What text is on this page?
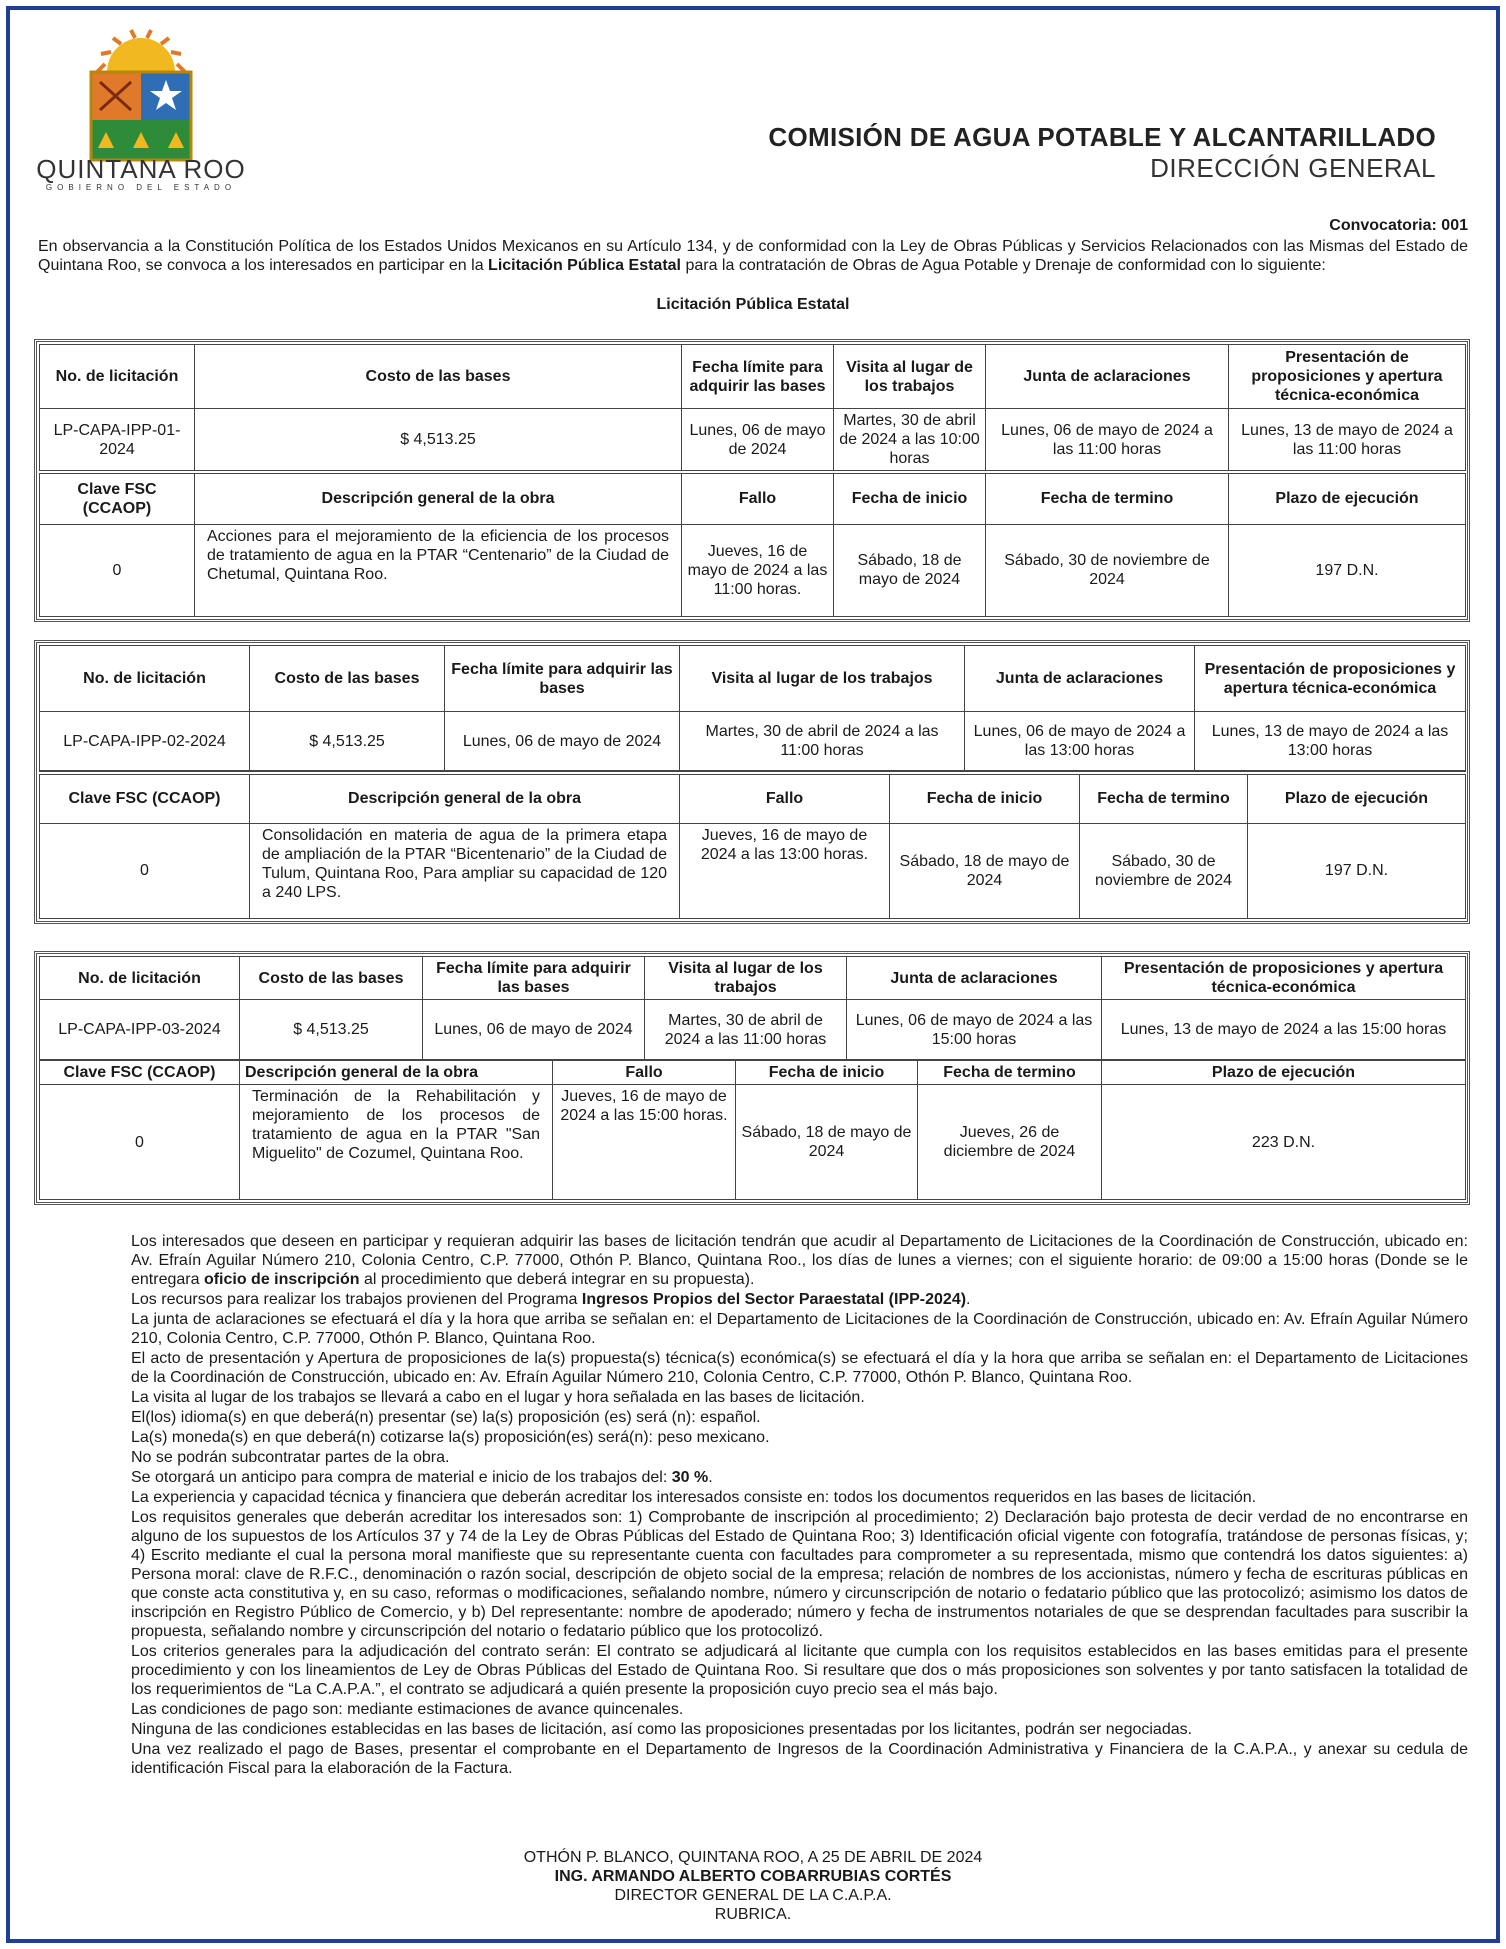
QUINTANA ROO
GOBIERNO DEL ESTADO
COMISIÓN DE AGUA POTABLE Y ALCANTARILLADO
DIRECCIÓN GENERAL
Convocatoria: 001

En observancia a la Constitución Política de los Estados Unidos Mexicanos en su Artículo 134, y de conformidad con la Ley de Obras Públicas y Servicios Relacionados con las Mismas del Estado de Quintana Roo, se convoca a los interesados en participar en la Licitación Pública Estatal para la contratación de Obras de Agua Potable y Drenaje de conformidad con lo siguiente:

Licitación Pública Estatal
No. de licitación	Costo de las bases	Fecha límite para adquirir las bases	Visita al lugar de los trabajos	Junta de aclaraciones	Presentación de proposiciones y apertura técnica-económica
LP-CAPA-IPP-01-2024	$ 4,513.25	Lunes, 06 de mayo de 2024	Martes, 30 de abril de 2024 a las 10:00 horas	Lunes, 06 de mayo de 2024 a las 11:00 horas	Lunes, 13 de mayo de 2024 a las 11:00 horas
Clave FSC (CCAOP)	Descripción general de la obra	Fallo	Fecha de inicio	Fecha de termino	Plazo de ejecución
0	Acciones para el mejoramiento de la eficiencia de los procesos de tratamiento de agua en la PTAR “Centenario” de la Ciudad de Chetumal, Quintana Roo.	Jueves, 16 de mayo de 2024 a las 11:00 horas.	Sábado, 18 de mayo de 2024	Sábado, 30 de noviembre de 2024	197 D.N.
No. de licitación	Costo de las bases	Fecha límite para adquirir las bases	Visita al lugar de los trabajos	Junta de aclaraciones	Presentación de proposiciones y apertura técnica-económica
LP-CAPA-IPP-02-2024	$ 4,513.25	Lunes, 06 de mayo de 2024	Martes, 30 de abril de 2024 a las 11:00 horas	Lunes, 06 de mayo de 2024 a las 13:00 horas	Lunes, 13 de mayo de 2024 a las 13:00 horas
Clave FSC (CCAOP)	Descripción general de la obra	Fallo	Fecha de inicio	Fecha de termino	Plazo de ejecución
0	Consolidación en materia de agua de la primera etapa de ampliación de la PTAR “Bicentenario” de la Ciudad de Tulum, Quintana Roo, Para ampliar su capacidad de 120 a 240 LPS.	Jueves, 16 de mayo de 2024 a las 13:00 horas.	Sábado, 18 de mayo de 2024	Sábado, 30 de noviembre de 2024	197 D.N.
No. de licitación	Costo de las bases	Fecha límite para adquirir las bases	Visita al lugar de los trabajos	Junta de aclaraciones	Presentación de proposiciones y apertura técnica-económica
LP-CAPA-IPP-03-2024	$ 4,513.25	Lunes, 06 de mayo de 2024	Martes, 30 de abril de 2024 a las 11:00 horas	Lunes, 06 de mayo de 2024 a las 15:00 horas	Lunes, 13 de mayo de 2024 a las 15:00 horas
Clave FSC (CCAOP)	Descripción general de la obra	Fallo	Fecha de inicio	Fecha de termino	Plazo de ejecución
0	Terminación de la Rehabilitación y mejoramiento de los procesos de tratamiento de agua en la PTAR "San Miguelito" de Cozumel, Quintana Roo.	Jueves, 16 de mayo de 2024 a las 15:00 horas.	Sábado, 18 de mayo de 2024	Jueves, 26 de diciembre de 2024	223 D.N.
Los interesados que deseen en participar y requieran adquirir las bases de licitación tendrán que acudir al Departamento de Licitaciones de la Coordinación de Construcción, ubicado en: Av. Efraín Aguilar Número 210, Colonia Centro, C.P. 77000, Othón P. Blanco, Quintana Roo., los días de lunes a viernes; con el siguiente horario: de 09:00 a 15:00 horas (Donde se le entregara oficio de inscripción al procedimiento que deberá integrar en su propuesta).
Los recursos para realizar los trabajos provienen del Programa Ingresos Propios del Sector Paraestatal (IPP-2024).
La junta de aclaraciones se efectuará el día y la hora que arriba se señalan en: el Departamento de Licitaciones de la Coordinación de Construcción, ubicado en: Av. Efraín Aguilar Número 210, Colonia Centro, C.P. 77000, Othón P. Blanco, Quintana Roo.
El acto de presentación y Apertura de proposiciones de la(s) propuesta(s) técnica(s) económica(s) se efectuará el día y la hora que arriba se señalan en: el Departamento de Licitaciones de la Coordinación de Construcción, ubicado en: Av. Efraín Aguilar Número 210, Colonia Centro, C.P. 77000, Othón P. Blanco, Quintana Roo.
La visita al lugar de los trabajos se llevará a cabo en el lugar y hora señalada en las bases de licitación.
El(los) idioma(s) en que deberá(n) presentar (se) la(s) proposición (es) será (n): español.
La(s) moneda(s) en que deberá(n) cotizarse la(s) proposición(es) será(n): peso mexicano.
No se podrán subcontratar partes de la obra.
Se otorgará un anticipo para compra de material e inicio de los trabajos del: 30 %.
La experiencia y capacidad técnica y financiera que deberán acreditar los interesados consiste en: todos los documentos requeridos en las bases de licitación.
Los requisitos generales que deberán acreditar los interesados son: 1) Comprobante de inscripción al procedimiento; 2) Declaración bajo protesta de decir verdad de no encontrarse en alguno de los supuestos de los Artículos 37 y 74 de la Ley de Obras Públicas del Estado de Quintana Roo; 3) Identificación oficial vigente con fotografía, tratándose de personas físicas, y; 4) Escrito mediante el cual la persona moral manifieste que su representante cuenta con facultades para comprometer a su representada, mismo que contendrá los datos siguientes: a) Persona moral: clave de R.F.C., denominación o razón social, descripción de objeto social de la empresa; relación de nombres de los accionistas, número y fecha de escrituras públicas en que conste acta constitutiva y, en su caso, reformas o modificaciones, señalando nombre, número y circunscripción de notario o fedatario público que las protocolizó; asimismo los datos de inscripción en Registro Público de Comercio, y b) Del representante: nombre de apoderado; número y fecha de instrumentos notariales de que se desprendan facultades para suscribir la propuesta, señalando nombre y circunscripción del notario o fedatario público que los protocolizó.
Los criterios generales para la adjudicación del contrato serán: El contrato se adjudicará al licitante que cumpla con los requisitos establecidos en las bases emitidas para el presente procedimiento y con los lineamientos de Ley de Obras Públicas del Estado de Quintana Roo. Si resultare que dos o más proposiciones son solventes y por tanto satisfacen la totalidad de los requerimientos de “La C.A.P.A.”, el contrato se adjudicará a quién presente la proposición cuyo precio sea el más bajo.
Las condiciones de pago son: mediante estimaciones de avance quincenales.
Ninguna de las condiciones establecidas en las bases de licitación, así como las proposiciones presentadas por los licitantes, podrán ser negociadas.
Una vez realizado el pago de Bases, presentar el comprobante en el Departamento de Ingresos de la Coordinación Administrativa y Financiera de la C.A.P.A., y anexar su cedula de identificación Fiscal para la elaboración de la Factura.
OTHÓN P. BLANCO, QUINTANA ROO, A 25 DE ABRIL DE 2024
ING. ARMANDO ALBERTO COBARRUBIAS CORTÉS
DIRECTOR GENERAL DE LA C.A.P.A.
RUBRICA.
